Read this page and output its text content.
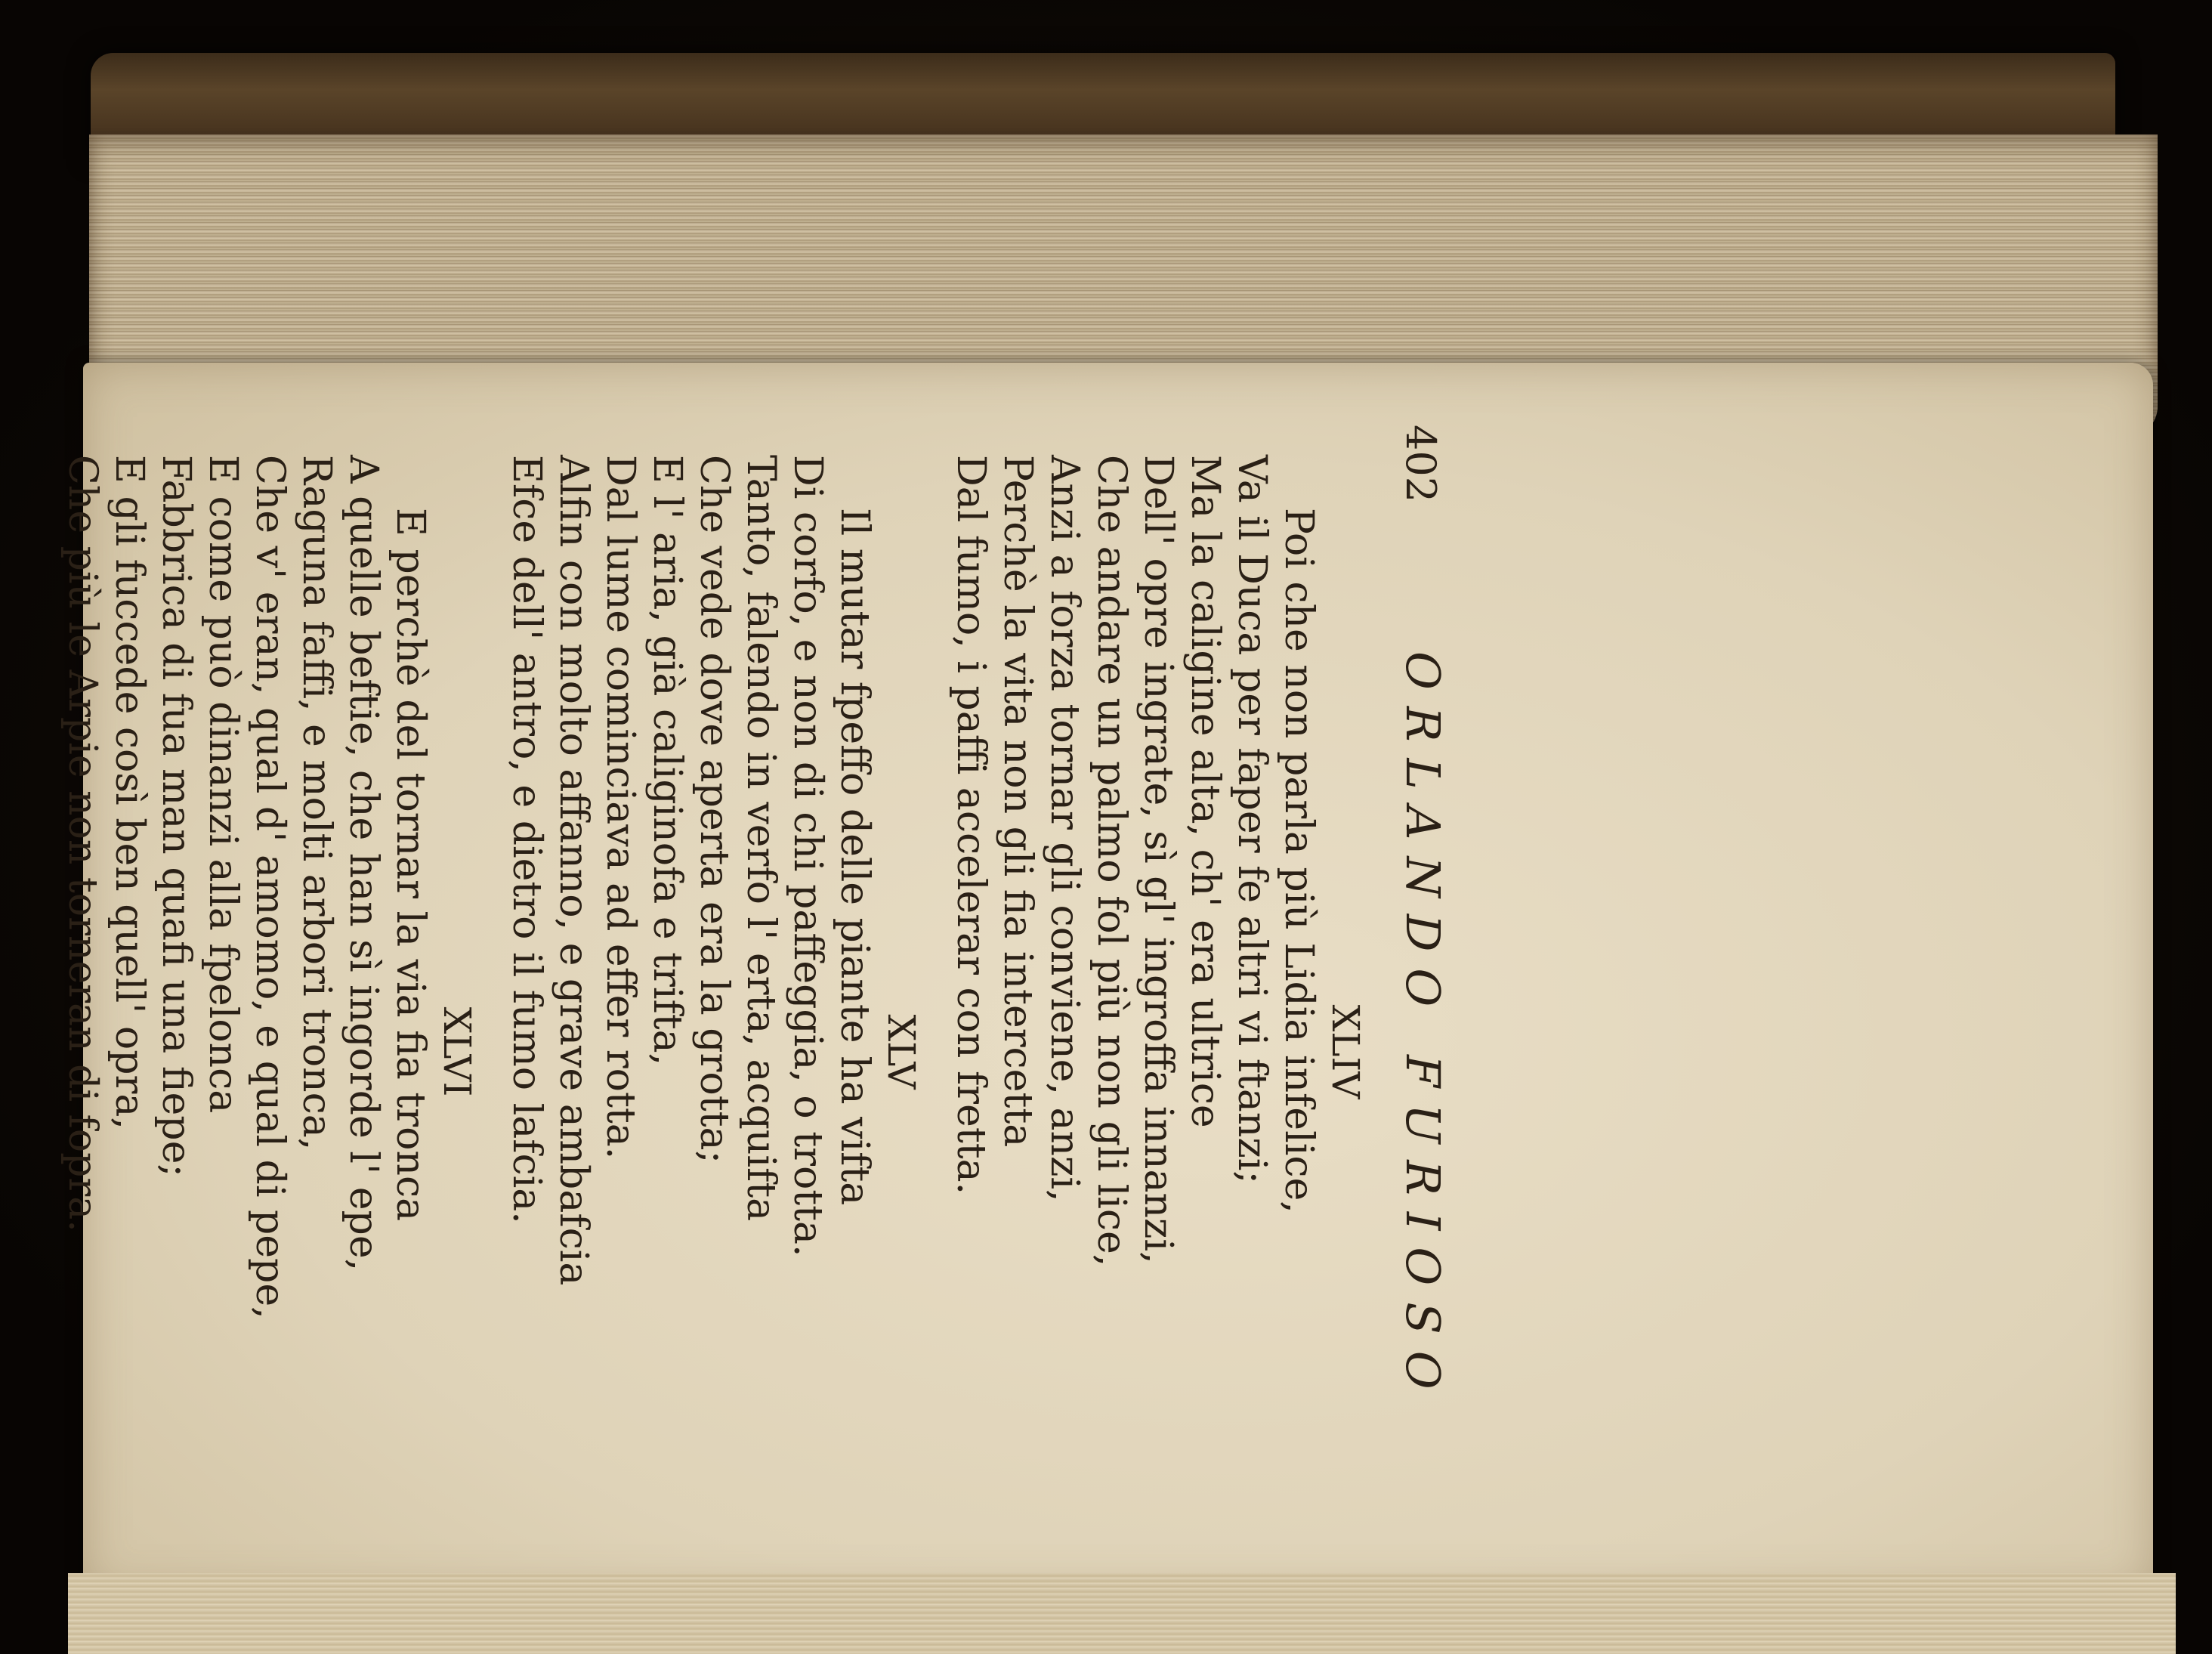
402
ORLANDO FURIOSO
XLIV
Poi che non parla più Lidia infelice,
Va il Duca per faper fe altri vi ftanzi;
Ma la caligine alta, ch' era ultrice
Dell' opre ingrate, sì gl' ingroffa innanzi,
Che andare un palmo fol più non gli lice,
Anzi a forza tornar gli conviene, anzi,
Perchè la vita non gli fia intercetta
Dal fumo, i paffi accelerar con fretta.
XLV
Il mutar fpeffo delle piante ha vifta
Di corfo, e non di chi paffeggia, o trotta.
Tanto, falendo in verfo l' erta, acquifta
Che vede dove aperta era la grotta;
E l' aria, già caliginofa e trifta,
Dal lume cominciava ad effer rotta.
Alfin con molto affanno, e grave ambafcia
Efce dell' antro, e dietro il fumo lafcia.
XLVI
E perchè del tornar la via fia tronca
A quelle beftie, che han sì ingorde l' epe,
Raguna faffi, e molti arbori tronca,
Che v' eran, qual d' amomo, e qual di pepe,
E come può dinanzi alla fpelonca
Fabbrica di fua man quafi una fiepe;
E gli fuccede così ben quell' opra,
Che più le Arpie non torneran di fopra.
